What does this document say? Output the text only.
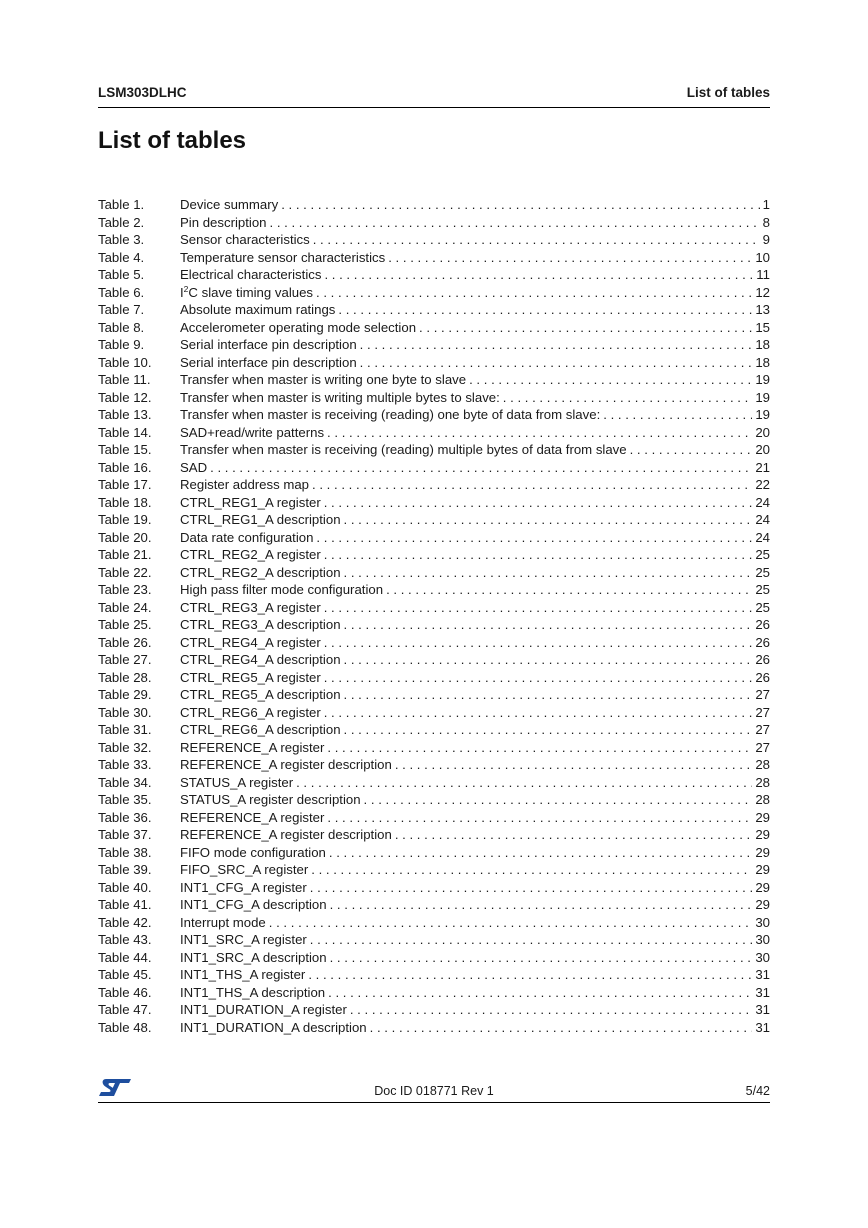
LSM303DLHC	List of tables
List of tables
Table 1.	Device summary . . .	1
Table 2.	Pin description . . .	8
Table 3.	Sensor characteristics . . .	9
Table 4.	Temperature sensor characteristics . . .	10
Table 5.	Electrical characteristics . . .	11
Table 6.	$I^2C$ slave timing values . . .	12
Table 7.	Absolute maximum ratings . . .	13
Table 8.	Accelerometer operating mode selection . . .	15
Table 9.	Serial interface pin description . . .	18
Table 10.	Serial interface pin description . . .	18
Table 11.	Transfer when master is writing one byte to slave . . .	19
Table 12.	Transfer when master is writing multiple bytes to slave: . . .	19
Table 13.	Transfer when master is receiving (reading) one byte of data from slave: . . .	19
Table 14.	SAD+read/write patterns . . .	20
Table 15.	Transfer when master is receiving (reading) multiple bytes of data from slave . . .	20
Table 16.	SAD . . .	21
Table 17.	Register address map . . .	22
Table 18.	CTRL_REG1_A register . . .	24
Table 19.	CTRL_REG1_A description . . .	24
Table 20.	Data rate configuration . . .	24
Table 21.	CTRL_REG2_A register . . .	25
Table 22.	CTRL_REG2_A description . . .	25
Table 23.	High pass filter mode configuration . . .	25
Table 24.	CTRL_REG3_A register . . .	25
Table 25.	CTRL_REG3_A description . . .	26
Table 26.	CTRL_REG4_A register . . .	26
Table 27.	CTRL_REG4_A description . . .	26
Table 28.	CTRL_REG5_A register . . .	26
Table 29.	CTRL_REG5_A description . . .	27
Table 30.	CTRL_REG6_A register . . .	27
Table 31.	CTRL_REG6_A description . . .	27
Table 32.	REFERENCE_A register . . .	27
Table 33.	REFERENCE_A register description . . .	28
Table 34.	STATUS_A register . . .	28
Table 35.	STATUS_A register description . . .	28
Table 36.	REFERENCE_A register . . .	29
Table 37.	REFERENCE_A register description . . .	29
Table 38.	FIFO mode configuration . . .	29
Table 39.	FIFO_SRC_A register . . .	29
Table 40.	INT1_CFG_A register . . .	29
Table 41.	INT1_CFG_A description . . .	29
Table 42.	Interrupt mode . . .	30
Table 43.	INT1_SRC_A register . . .	30
Table 44.	INT1_SRC_A description . . .	30
Table 45.	INT1_THS_A register . . .	31
Table 46.	INT1_THS_A description . . .	31
Table 47.	INT1_DURATION_A register . . .	31
Table 48.	INT1_DURATION_A description . . .	31
Doc ID 018771 Rev 1	5/42
